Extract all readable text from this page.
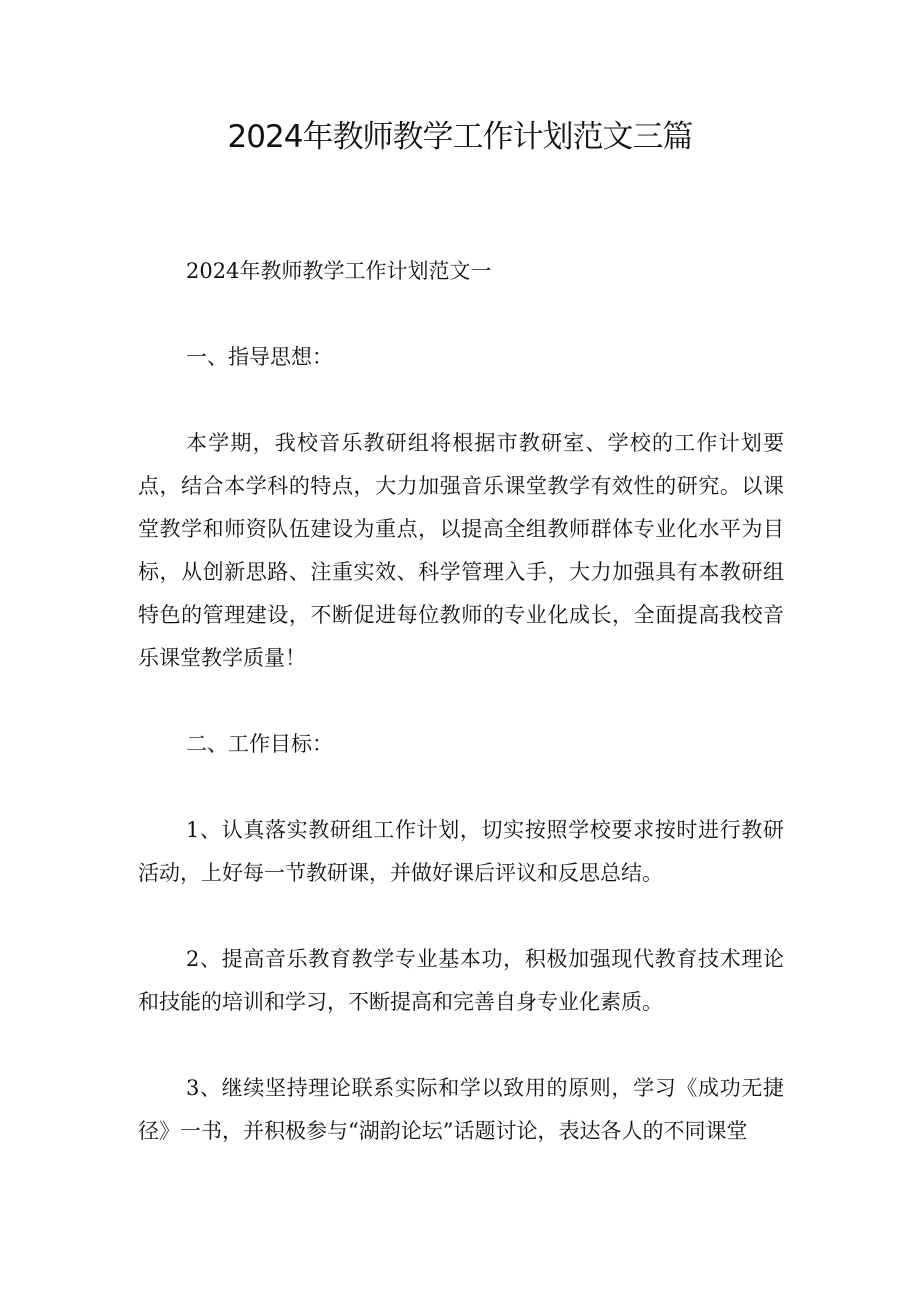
2024年教师教学工作计划范文三篇

2024年教师教学工作计划范文一

一、指导思想：

本学期，我校音乐教研组将根据市教研室、学校的工作计划要点，结合本学科的特点，大力加强音乐课堂教学有效性的研究。以课堂教学和师资队伍建设为重点，以提高全组教师群体专业化水平为目标，从创新思路、注重实效、科学管理入手，大力加强具有本教研组特色的管理建设，不断促进每位教师的专业化成长，全面提高我校音乐课堂教学质量！

二、工作目标：

1、认真落实教研组工作计划，切实按照学校要求按时进行教研活动，上好每一节教研课，并做好课后评议和反思总结。

2、提高音乐教育教学专业基本功，积极加强现代教育技术理论和技能的培训和学习，不断提高和完善自身专业化素质。

3、继续坚持理论联系实际和学以致用的原则，学习《成功无捷径》一书，并积极参与“湖韵论坛”话题讨论，表达各人的不同课堂
